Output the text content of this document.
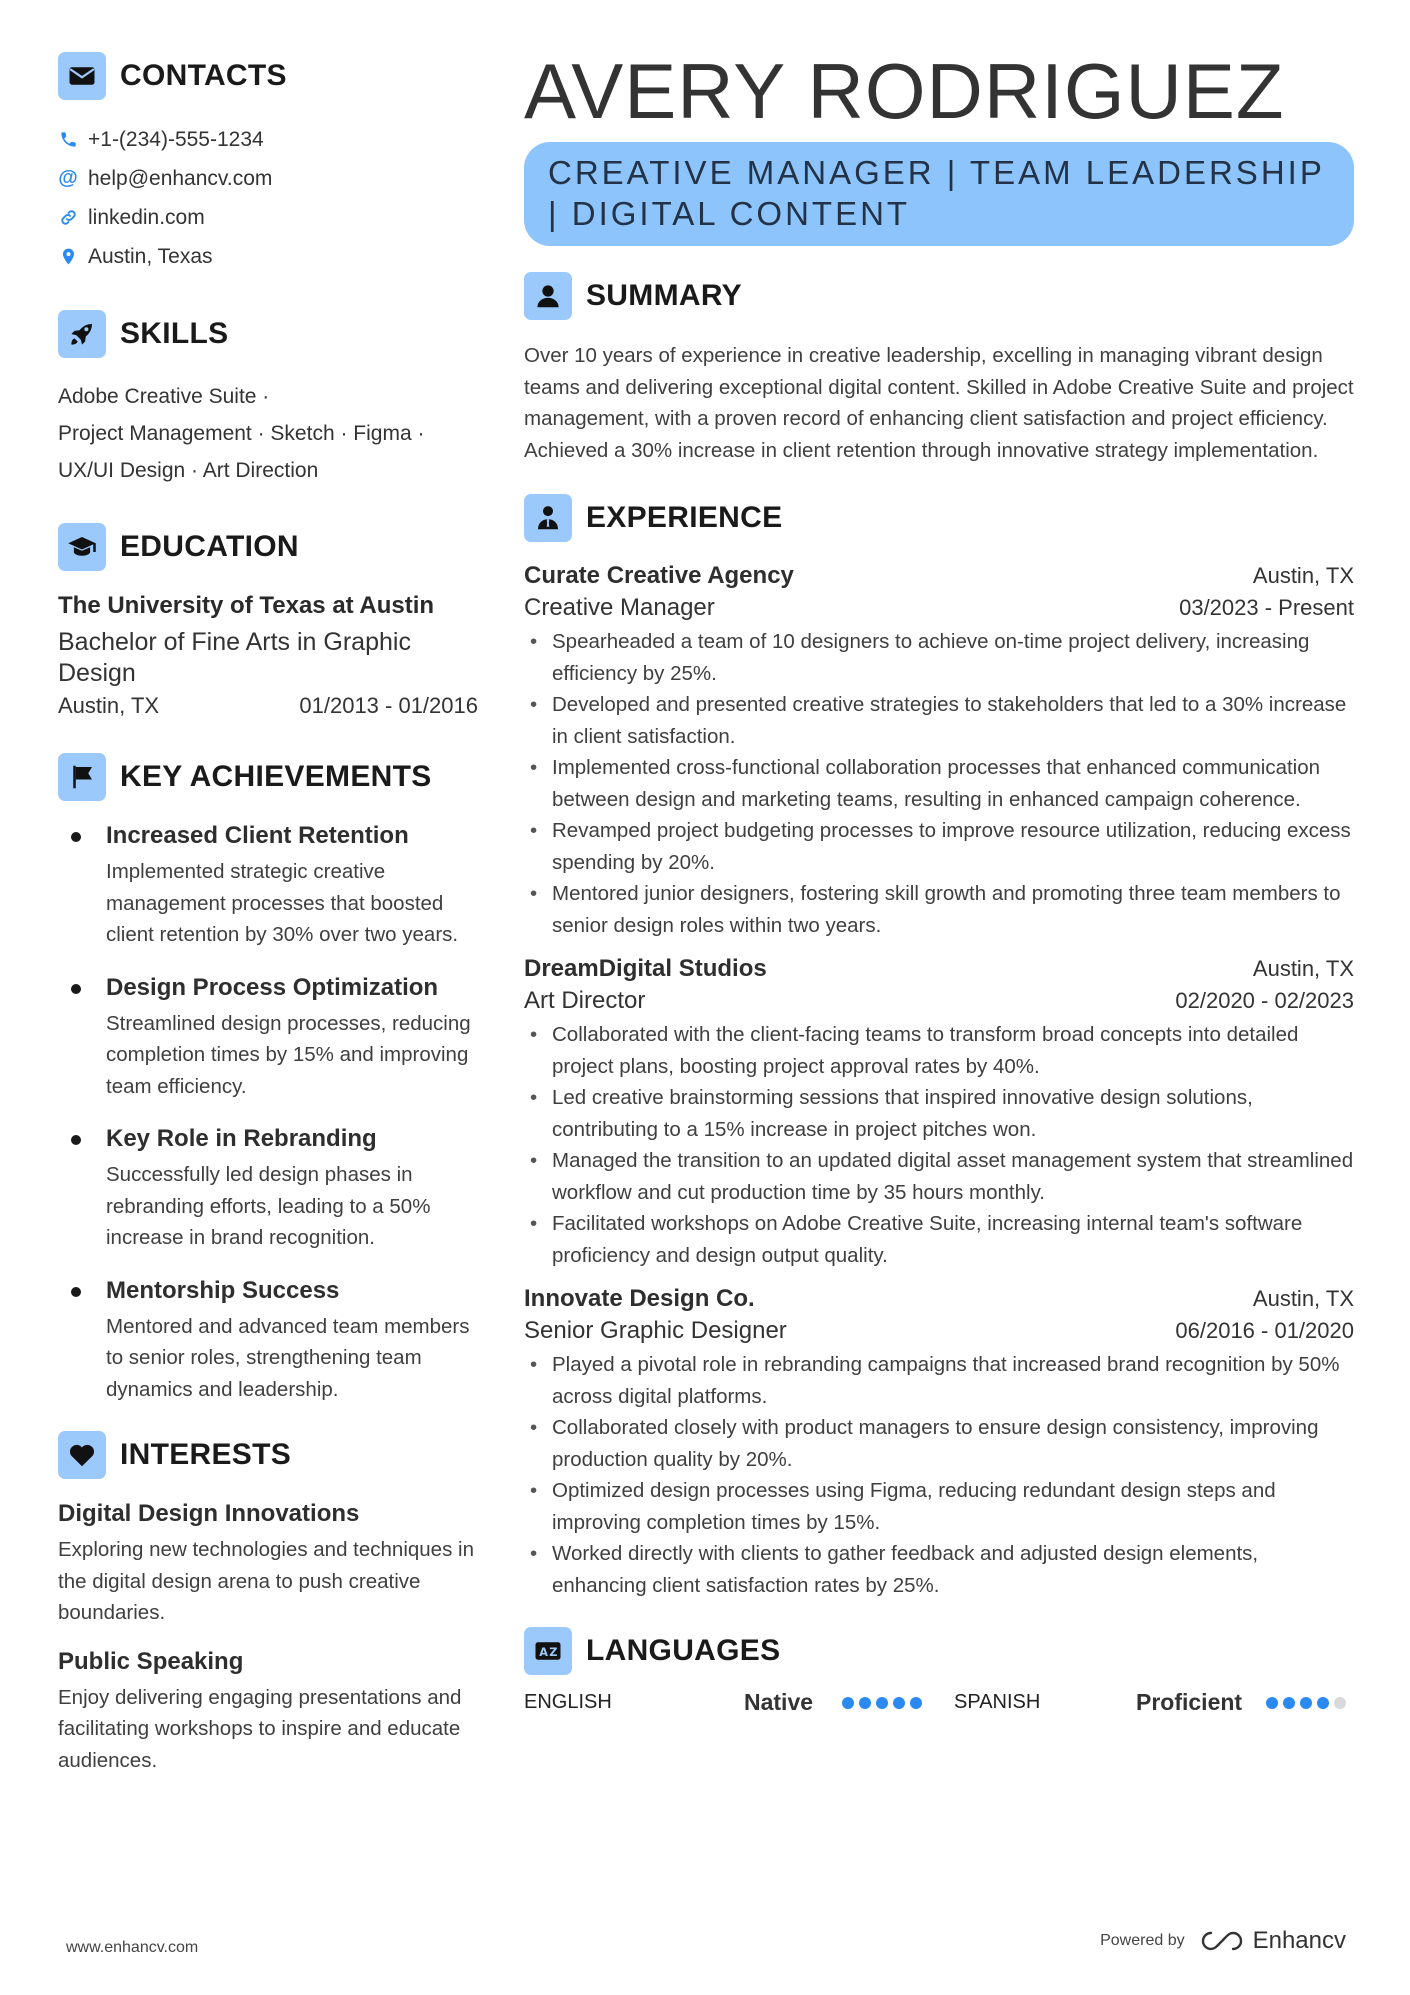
CONTACTS
+1-(234)-555-1234
@ help@enhancv.com
linkedin.com
Austin, Texas
SKILLS
Adobe Creative Suite ·
Project Management · Sketch · Figma ·
UX/UI Design · Art Direction
EDUCATION
The University of Texas at Austin
Bachelor of Fine Arts in Graphic Design
Austin, TX	01/2013 - 01/2016
KEY ACHIEVEMENTS
Increased Client Retention
Implemented strategic creative management processes that boosted client retention by 30% over two years.
Design Process Optimization
Streamlined design processes, reducing completion times by 15% and improving team efficiency.
Key Role in Rebranding
Successfully led design phases in rebranding efforts, leading to a 50% increase in brand recognition.
Mentorship Success
Mentored and advanced team members to senior roles, strengthening team dynamics and leadership.
INTERESTS
Digital Design Innovations
Exploring new technologies and techniques in the digital design arena to push creative boundaries.
Public Speaking
Enjoy delivering engaging presentations and facilitating workshops to inspire and educate audiences.
AVERY RODRIGUEZ
CREATIVE MANAGER | TEAM LEADERSHIP | DIGITAL CONTENT
SUMMARY
Over 10 years of experience in creative leadership, excelling in managing vibrant design teams and delivering exceptional digital content. Skilled in Adobe Creative Suite and project management, with a proven record of enhancing client satisfaction and project efficiency. Achieved a 30% increase in client retention through innovative strategy implementation.
EXPERIENCE
Curate Creative Agency	Austin, TX
Creative Manager	03/2023 - Present
• Spearheaded a team of 10 designers to achieve on-time project delivery, increasing efficiency by 25%.
• Developed and presented creative strategies to stakeholders that led to a 30% increase in client satisfaction.
• Implemented cross-functional collaboration processes that enhanced communication between design and marketing teams, resulting in enhanced campaign coherence.
• Revamped project budgeting processes to improve resource utilization, reducing excess spending by 20%.
• Mentored junior designers, fostering skill growth and promoting three team members to senior design roles within two years.
DreamDigital Studios	Austin, TX
Art Director	02/2020 - 02/2023
• Collaborated with the client-facing teams to transform broad concepts into detailed project plans, boosting project approval rates by 40%.
• Led creative brainstorming sessions that inspired innovative design solutions, contributing to a 15% increase in project pitches won.
• Managed the transition to an updated digital asset management system that streamlined workflow and cut production time by 35 hours monthly.
• Facilitated workshops on Adobe Creative Suite, increasing internal team's software proficiency and design output quality.
Innovate Design Co.	Austin, TX
Senior Graphic Designer	06/2016 - 01/2020
• Played a pivotal role in rebranding campaigns that increased brand recognition by 50% across digital platforms.
• Collaborated closely with product managers to ensure design consistency, improving production quality by 20%.
• Optimized design processes using Figma, reducing redundant design steps and improving completion times by 15%.
• Worked directly with clients to gather feedback and adjusted design elements, enhancing client satisfaction rates by 25%.
A Z LANGUAGES
ENGLISH	Native	SPANISH	Proficient
www.enhancv.com	Powered by	Enhancv
